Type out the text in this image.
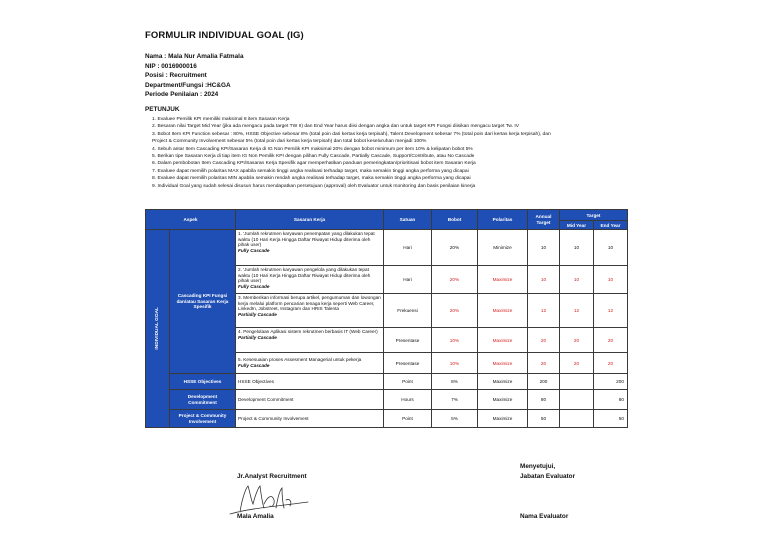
FORMULIR INDIVIDUAL GOAL (IG)
Nama : Mala Nur Amalia Fatmala
NIP : 0016900016
Posisi : Recruitment
Department/Fungsi :HC&GA
Periode Penilaian : 2024
PETUNJUK
1. Evaluee Pemilik KPI memiliki maksimal 8 item Sasaran Kerja
2. Besaran nilai Target Mid Year (jika ada mengacu pada target TW II) dan End Year harus diisi dengan angka dan untuk target KPI Fungsi diisikan mengacu target Tw. IV
3. Bobot Item KPI Function sebesar : 80%, HSSE Objective sebesar 8% (total poin dari kertas kerja terpisah), Talent Development sebesar 7% (total poin dari kertas kerja terpisah), dan
Project & Community Involvement sebesar 5% (total poin dari kertas kerja terpisah) dan total bobot keseluruhan menjadi 100%
4. Sebuh antar Item Cascading KPI/Sasaran Kerja di IG Non Pemilik KPI maksimal 20% dengan bobot minimum per item 10% & kelipatan bobot 5%
5. Berikan tipe Sasaran Kerja di tiap item IG Non Pemilik KPI dengan pilihan Fully Cascade, Partially Cascade, Support/Contribute, atau No Cascade
6. Dalam pembobotan Item Cascading KPI/Sasaran Kerja Spesifik agar memperhatikan panduan pemeringkatan/prioritisasi bobot item Sasaran Kerja
7. Evaluee dapat memilih polaritas MAX apabila semakin tinggi angka realisasi terhadap target, maka semakin tinggi angka performa yang dicapai
8. Evaluee dapat memilih polaritas MIN apabila semakin rendah angka realisasi terhadap target, maka semakin tinggi angka performa yang dicapai
9. Individual Goal yang sudah selesai disusun harus mendapatkan persetujuan (approval) oleh Evaluator untuk monitoring dan basis penilaian kinerja
Aspek		Sasaran Kerja	Satuan	Bobot	Polaritas	Annual Target	Target	
							Mid Year	End Year
INDIVIDUAL GOAL	Cascading KPI Fungsi dan/atau Sasaran Kerja Spesifik	1. 'Jumlah rekrutmen karyawan penempatan yang dilakukan tepat waktu (10 Hari Kerja Hingga Daftar Riwayat Hidup diterima oleh pihak user)
Fully Cascade	Hari	20%	Minimize	10	10	10
		2. 'Jumlah rekrutmen karyawan pengelola yang dilakukan tepat waktu (10 Hari Kerja Hingga Daftar Riwayat Hidup diterima oleh pihak user)
Fully Cascade	Hari	20%	Maximize	10	10	10
		3. Memberikan informasi berupa artikel, pengumuman dan lowongan kerja melalui platform pencarian tenaga kerja seperti Web Career, LinkedIn, Jobstreet, Instagram dan HRIS Talenta
Partially Cascade	Frekuensi	20%	Maximize	12	12	12
		4. Pengelolaan Aplikasi sistem rekrutmen berbasis IT (Web Career)
Partially Cascade	Presentase	10%	Maximize	20	20	20
		5. Kesesuaian proses Assesment Managerial untuk pekerja
Fully Cascade	Presentase	10%	Maximize	20	20	20
	HSSE Objectives	HSSE Objectives	Point	8%	Maximize	200		200
	Development Commitment	Development Commitment	Hours	7%	Maximize	80		80
	Project & Community Involvement	Project & Community Involvement	Point	5%	Maximize	50		50
Jr.Analyst Recruitment
Mala Amalia
Menyetujui,
Jabatan Evaluator
Nama Evaluator
